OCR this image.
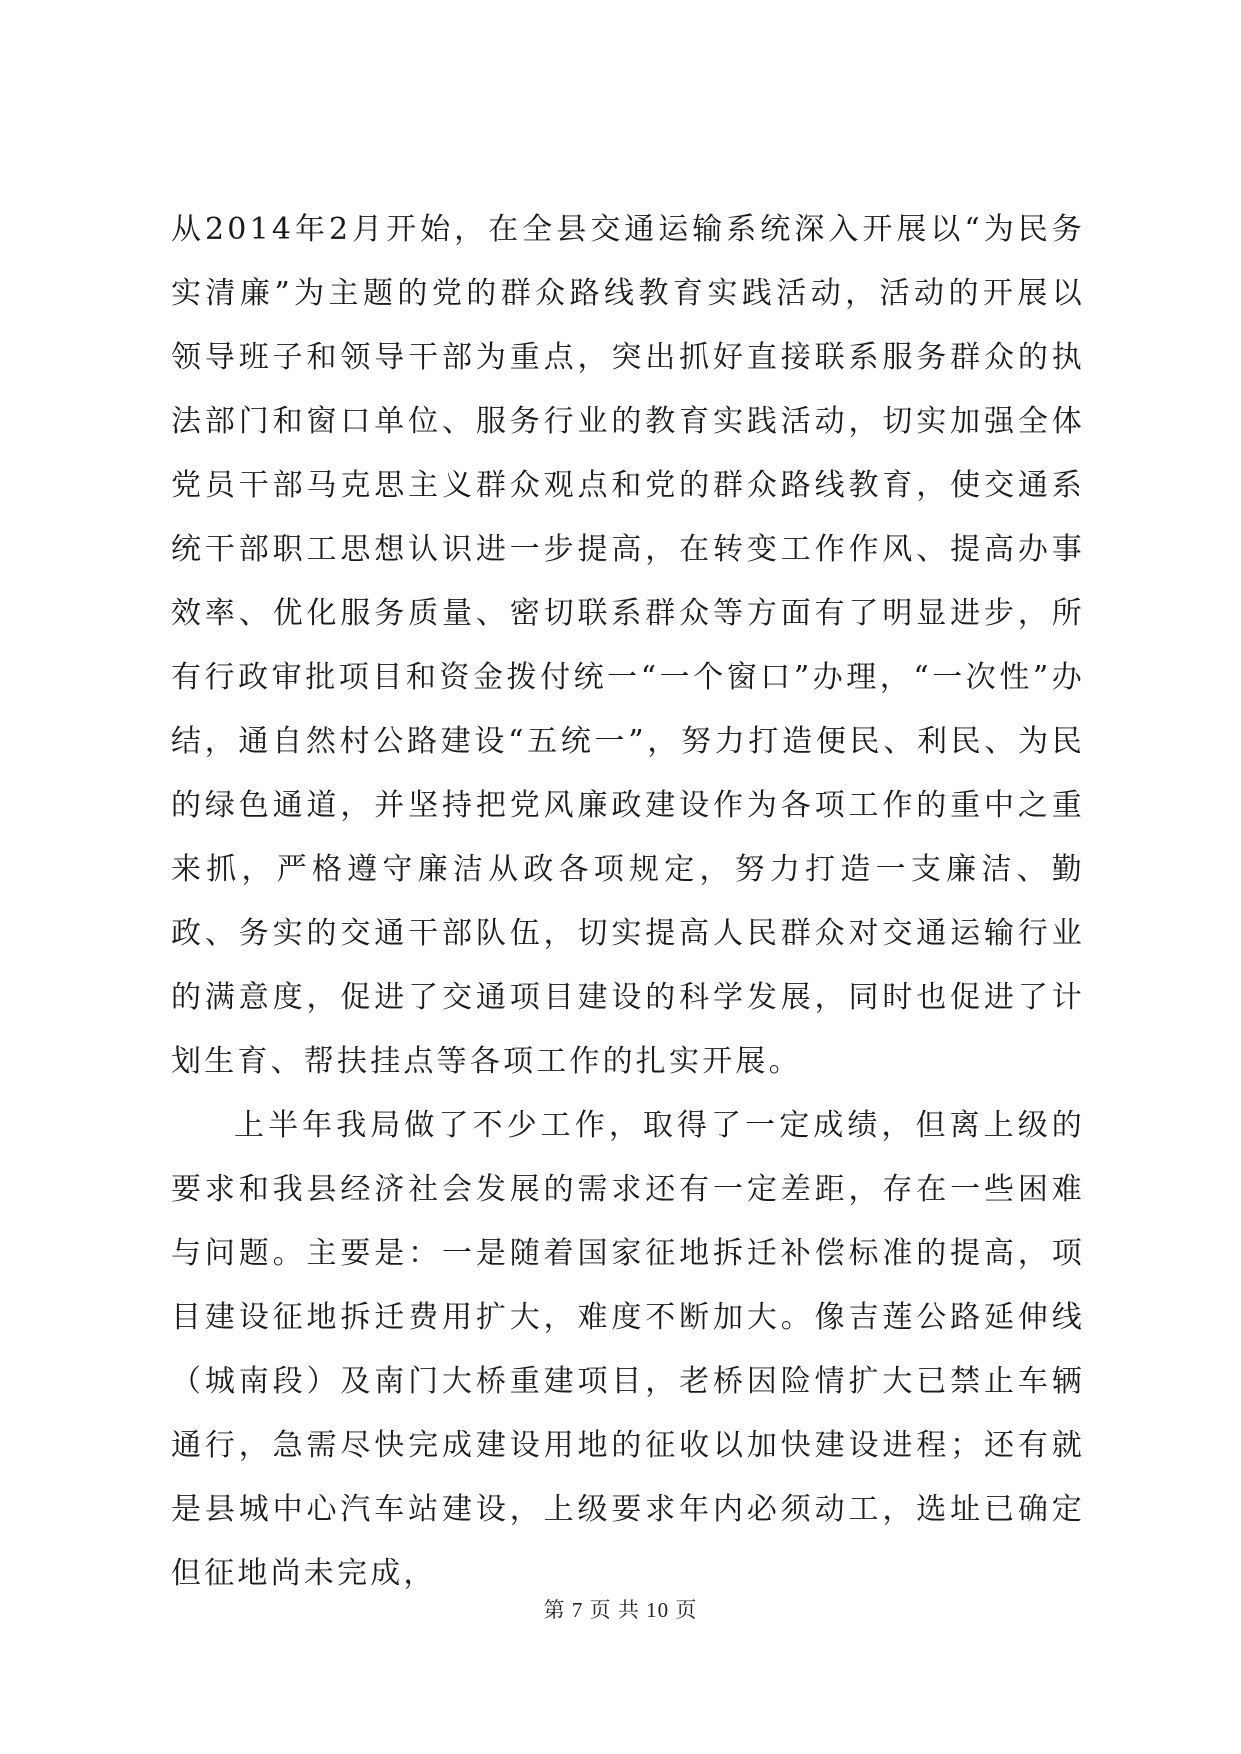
从2014年2月开始，在全县交通运输系统深入开展以“为民务实清廉”为主题的党的群众路线教育实践活动，活动的开展以领导班子和领导干部为重点，突出抓好直接联系服务群众的执法部门和窗口单位、服务行业的教育实践活动，切实加强全体党员干部马克思主义群众观点和党的群众路线教育，使交通系统干部职工思想认识进一步提高，在转变工作作风、提高办事效率、优化服务质量、密切联系群众等方面有了明显进步，所有行政审批项目和资金拨付统一“一个窗口”办理，“一次性”办结，通自然村公路建设“五统一”，努力打造便民、利民、为民的绿色通道，并坚持把党风廉政建设作为各项工作的重中之重来抓，严格遵守廉洁从政各项规定，努力打造一支廉洁、勤政、务实的交通干部队伍，切实提高人民群众对交通运输行业的满意度，促进了交通项目建设的科学发展，同时也促进了计划生育、帮扶挂点等各项工作的扎实开展。

上半年我局做了不少工作，取得了一定成绩，但离上级的要求和我县经济社会发展的需求还有一定差距，存在一些困难与问题。主要是：一是随着国家征地拆迁补偿标准的提高，项目建设征地拆迁费用扩大，难度不断加大。像吉莲公路延伸线（城南段）及南门大桥重建项目，老桥因险情扩大已禁止车辆通行，急需尽快完成建设用地的征收以加快建设进程；还有就是县城中心汽车站建设，上级要求年内必须动工，选址已确定但征地尚未完成，

第 7 页 共 10 页
